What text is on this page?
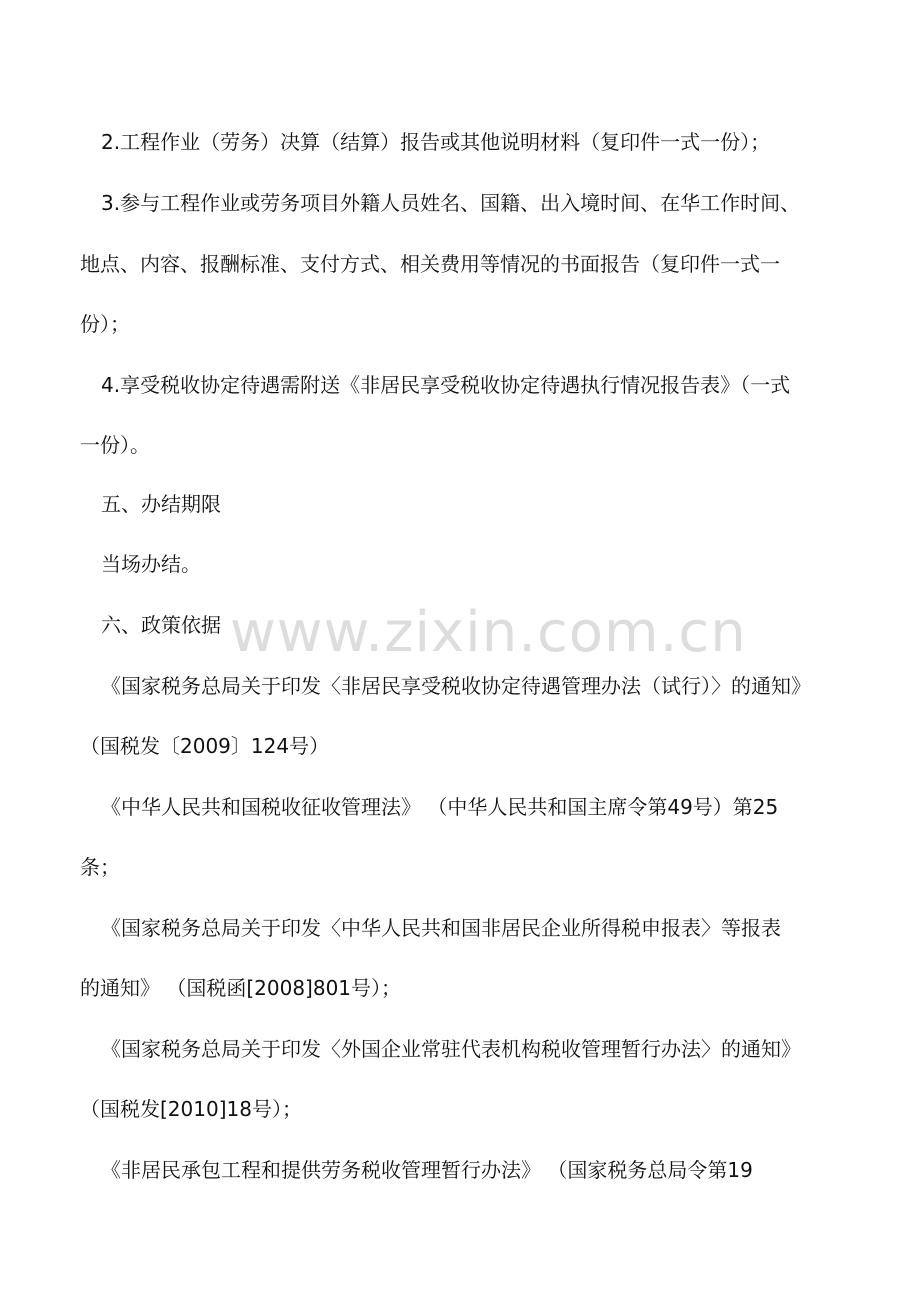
2.工程作业（劳务）决算（结算）报告或其他说明材料（复印件一式一份）；
3.参与工程作业或劳务项目外籍人员姓名、国籍、出入境时间、在华工作时间、
地点、内容、报酬标准、支付方式、相关费用等情况的书面报告（复印件一式一
份）；
4.享受税收协定待遇需附送《非居民享受税收协定待遇执行情况报告表》（一式
一份）。
五、办结期限
当场办结。
六、政策依据
《国家税务总局关于印发〈非居民享受税收协定待遇管理办法（试行）〉的通知》
（国税发〔2009〕124号）
《中华人民共和国税收征收管理法》 （中华人民共和国主席令第49号）第25
条；
《国家税务总局关于印发〈中华人民共和国非居民企业所得税申报表〉等报表
的通知》 （国税函[2008]801号）；
《国家税务总局关于印发〈外国企业常驻代表机构税收管理暂行办法〉的通知》
（国税发[2010]18号）；
《非居民承包工程和提供劳务税收管理暂行办法》 （国家税务总局令第19
www.zixin.com.cn
